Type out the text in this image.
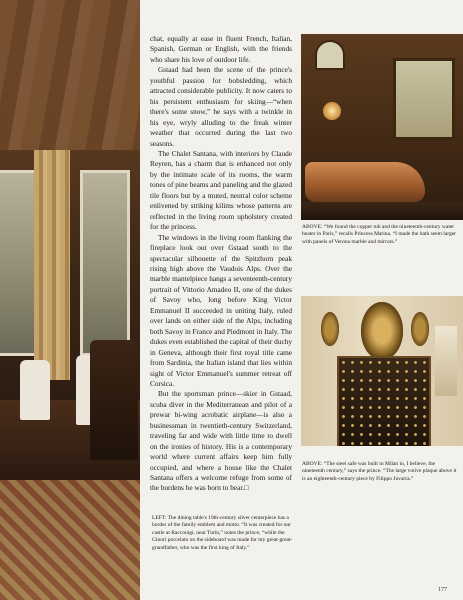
chat, equally at ease in fluent French, Italian, Spanish, German or English, with the friends who share his love of outdoor life.

Gstaad had been the scene of the prince's youthful passion for bobsledding, which attracted considerable publicity. It now caters to his persistent enthusiasm for skiing—“when there's some snow,” he says with a twinkle in his eye, wryly alluding to the freak winter weather that occurred during the last two seasons.

The Chalet Santana, with interiors by Claude Reyren, has a charm that is enhanced not only by the intimate scale of its rooms, the warm tones of pine beams and paneling and the glazed tile floors but by a muted, neutral color scheme enlivened by striking kilims whose patterns are reflected in the living room upholstery created for the princess.

The windows in the living room flanking the fireplace look out over Gstaad south to the spectacular silhouette of the Spitzhorn peak rising high above the Vaudois Alps. Over the marble mantelpiece hangs a seventeenth-century portrait of Vittorio Amadeo II, one of the dukes of Savoy who, long before King Victor Emmanuel II succeeded in uniting Italy, ruled over lands on either side of the Alps, including both Savoy in France and Piedmont in Italy. The dukes even established the capital of their duchy in Geneva, although their first royal title came from Sardinia, the Italian island that lies within sight of Victor Emmanuel's summer retreat off Corsica.

But the sportsman prince—skier in Gstaad, scuba diver in the Mediterranean and pilot of a prewar bi-wing acrobatic airplane—is also a businessman in twentieth-century Switzerland, traveling far and wide with little time to dwell on the ironies of history. His is a contemporary world where current affairs keep him fully occupied, and where a house like the Chalet Santana offers a welcome refuge from some of the burdens he was born to bear.□

ABOVE: “We found the copper tub and the nineteenth-century water heater in Paris,” recalls Princess Marina. “I made the bath seem larger with panels of Verona marble and mirrors.”
ABOVE: “The steel safe was built in Milan in, I believe, the nineteenth century,” says the prince. “The large votive plaque above it is an eighteenth-century piece by Filippo Juvarra.”
LEFT: The dining table's 19th-century silver centerpiece has a border of the family emblem and motto. “It was created for our castle at Racconigi, near Turin,” notes the prince, “while the Ginori porcelain on the sideboard was made for my great-great-grandfather, who was the first king of Italy.”
177
